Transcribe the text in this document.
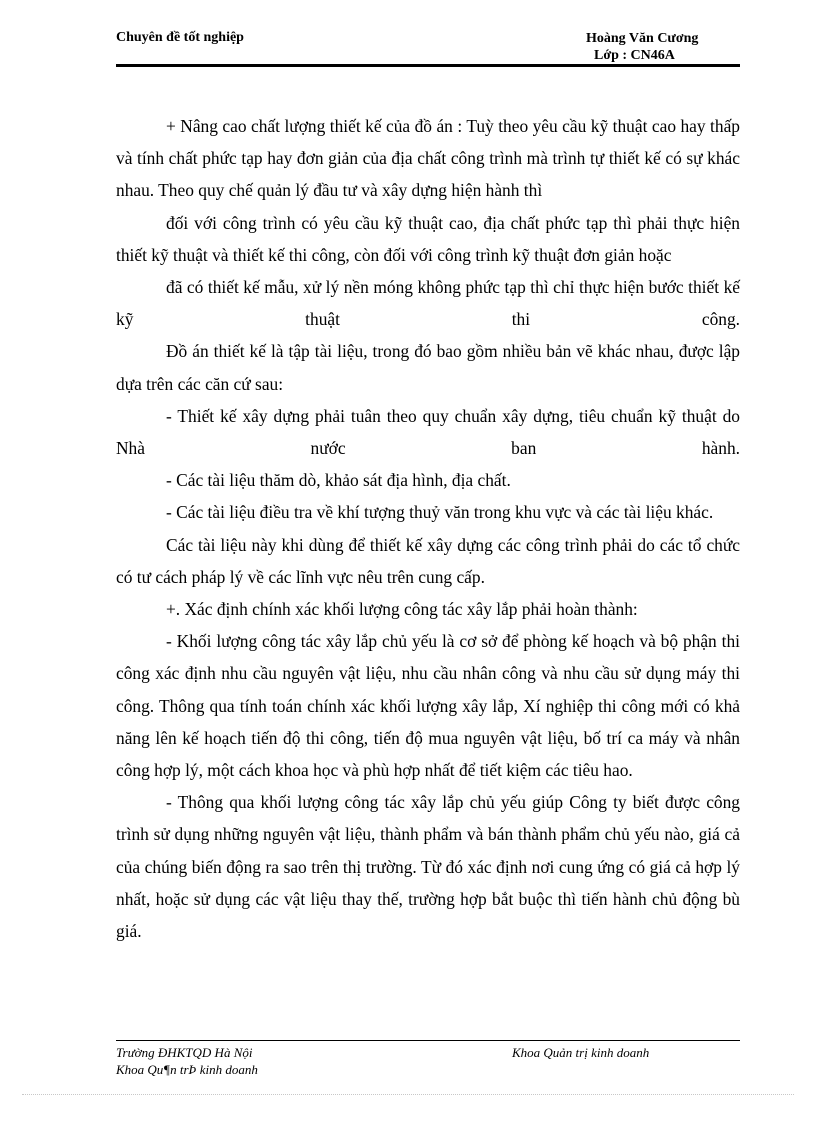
Chuyên đề tốt nghiệp	Hoàng Văn Cương
Lớp : CN46A

+ Nâng cao chất lượng thiết kế của đồ án : Tuỳ theo yêu cầu kỹ thuật cao hay thấp và tính chất phức tạp hay đơn giản của địa chất công trình mà trình tự thiết kế có sự khác nhau. Theo quy chế quản lý đầu tư và xây dựng hiện hành thì

đối với công trình có yêu cầu kỹ thuật cao, địa chất phức tạp thì phải thực hiện thiết kỹ thuật và thiết kế thi công, còn đối với công trình kỹ thuật đơn giản hoặc

đã có thiết kế mẫu, xử lý nền móng không phức tạp thì chỉ thực hiện bước thiết kế kỹ thuật thi công.

Đồ án thiết kế là tập tài liệu, trong đó bao gồm nhiều bản vẽ khác nhau, được lập dựa trên các căn cứ sau:

- Thiết kế xây dựng phải tuân theo quy chuẩn xây dựng, tiêu chuẩn kỹ thuật do Nhà nước ban hành.

- Các tài liệu thăm dò, khảo sát địa hình, địa chất.

- Các tài liệu điều tra về khí tượng thuỷ văn trong khu vực và các tài liệu khác.

Các tài liệu này khi dùng để thiết kế xây dựng các công trình phải do các tổ chức có tư cách pháp lý về các lĩnh vực nêu trên cung cấp.

+. Xác định chính xác khối lượng công tác xây lắp phải hoàn thành:

- Khối lượng công tác xây lắp chủ yếu là cơ sở để phòng kế hoạch và bộ phận thi công xác định nhu cầu nguyên vật liệu, nhu cầu nhân công và nhu cầu sử dụng máy thi công. Thông qua tính toán chính xác khối lượng xây lắp, Xí nghiệp thi công mới có khả năng lên kế hoạch tiến độ thi công, tiến độ mua nguyên vật liệu, bố trí ca máy và nhân công hợp lý, một cách khoa học và phù hợp nhất để tiết kiệm các tiêu hao.

- Thông qua khối lượng công tác xây lắp chủ yếu giúp Công ty biết được công trình sử dụng những nguyên vật liệu, thành phẩm và bán thành phẩm chủ yếu nào, giá cả của chúng biến động ra sao trên thị trường. Từ đó xác định nơi cung ứng có giá cả hợp lý nhất, hoặc sử dụng các vật liệu thay thế, trường hợp bắt buộc thì tiến hành chủ động bù giá.

Trường ĐHKTQD Hà Nội
Khoa Qu¶n trÞ kinh doanh
Khoa Quản trị kinh doanh
